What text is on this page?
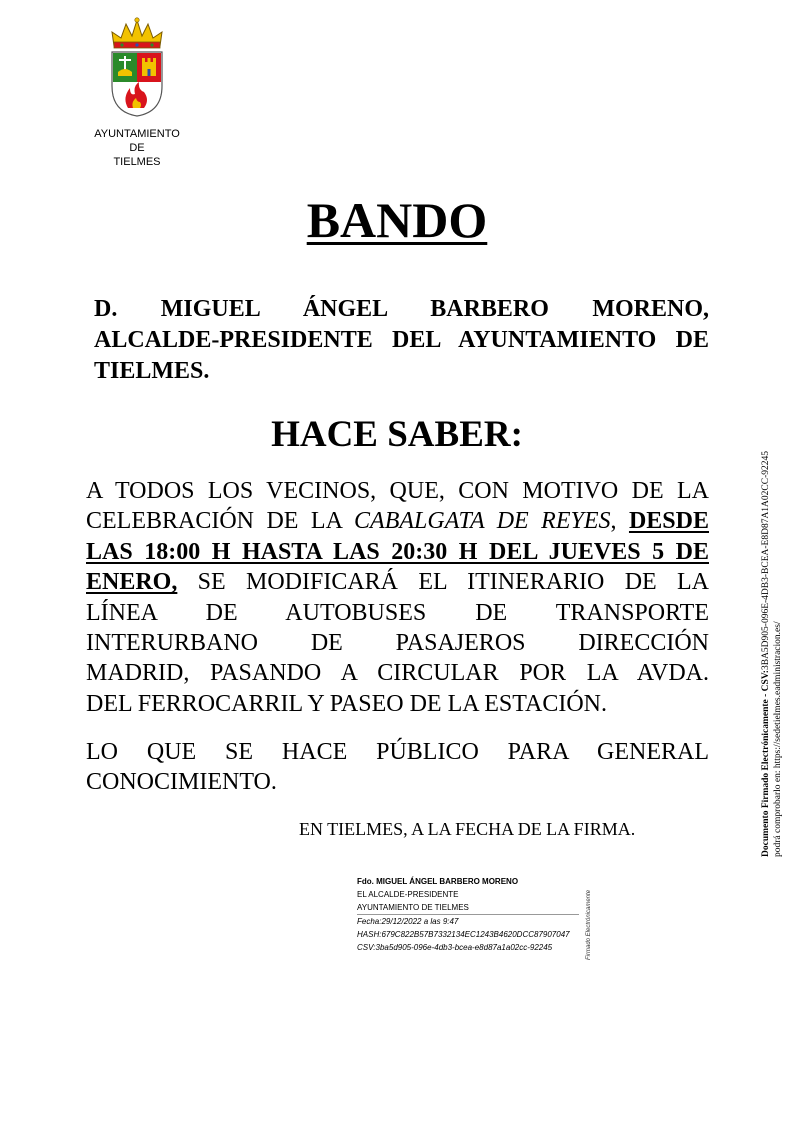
AYUNTAMIENTO
DE
TIELMES
BANDO

D. MIGUEL ÁNGEL BARBERO MORENO,
ALCALDE-PRESIDENTE DEL AYUNTAMIENTO DE
TIELMES.

HACE SABER:

A TODOS LOS VECINOS, QUE, CON MOTIVO DE LA
CELEBRACIÓN DE LA CABALGATA DE REYES, DESDE
LAS 18:00 H HASTA LAS 20:30 H DEL JUEVES 5 DE
ENERO, SE MODIFICARÁ EL ITINERARIO DE LA
LÍNEA DE AUTOBUSES DE TRANSPORTE
INTERURBANO DE PASAJEROS DIRECCIÓN
MADRID, PASANDO A CIRCULAR POR LA AVDA.
DEL FERROCARRIL Y PASEO DE LA ESTACIÓN.

LO QUE SE HACE PÚBLICO PARA GENERAL
CONOCIMIENTO.

EN TIELMES, A LA FECHA DE LA FIRMA.
Fdo. MIGUEL ÁNGEL BARBERO MORENO
EL ALCALDE-PRESIDENTE
AYUNTAMIENTO DE TIELMES
Fecha:29/12/2022 a las 9:47
HASH:679C822B57B7332134EC1243B4620DCC87907047
CSV:3ba5d905-096e-4db3-bcea-e8d87a1a02cc-92245	Firmado Electrónicamente
Documento Firmado Electrónicamente - CSV:3BA5D905-096E-4DB3-BCEA-E8D87A1A02CC-92245
podrá comprobarlo en: https://sedetielmes.eadministracion.es/
